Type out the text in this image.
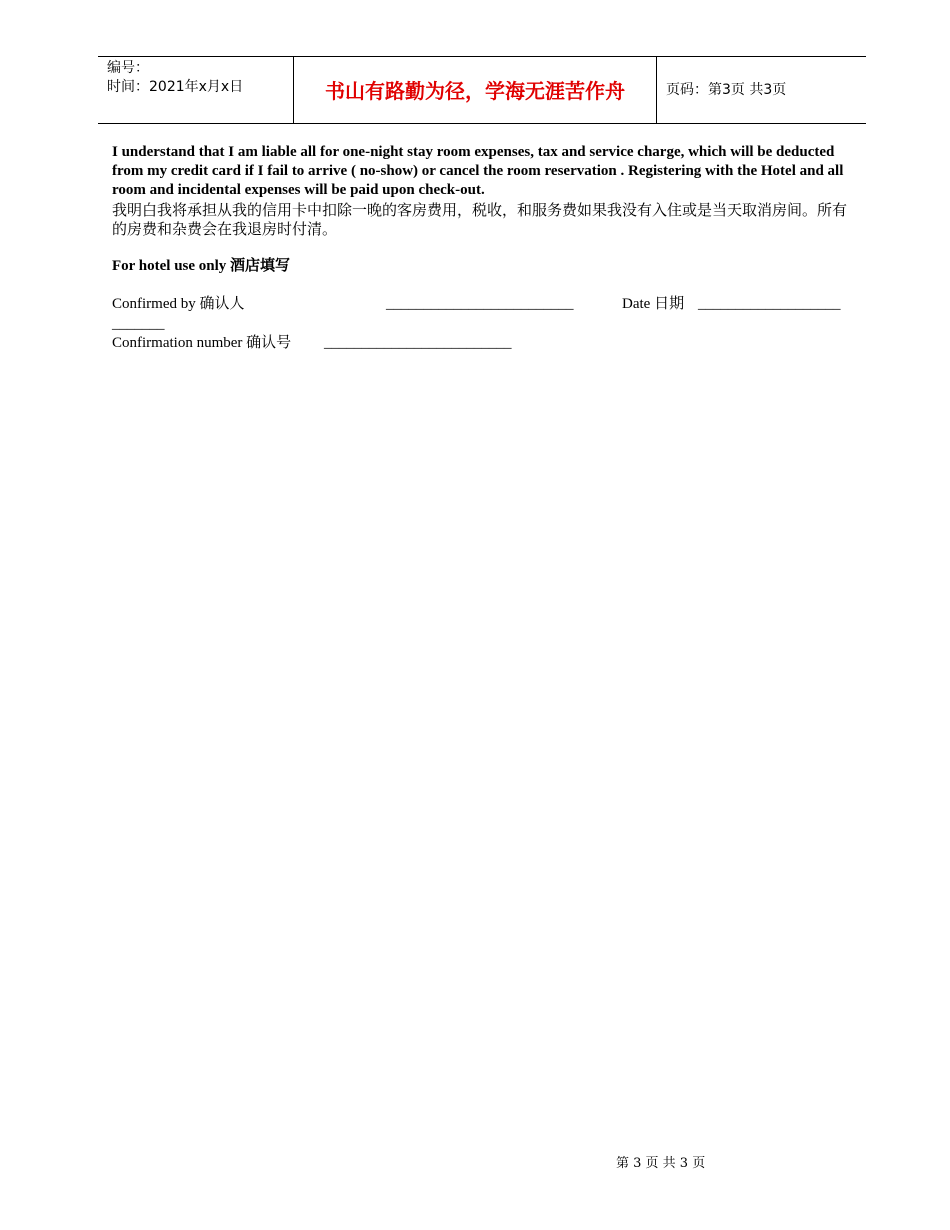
编号：
时间：2021年x月x日	书山有路勤为径，学海无涯苦作舟	页码：第3页 共3页
I understand that I am liable all for one-night stay room expenses, tax and service charge, which will be deducted from my credit card if I fail to arrive ( no-show) or cancel the room reservation . Registering with the Hotel and all room and incidental expenses will be paid upon check-out.
我明白我将承担从我的信用卡中扣除一晚的客房费用，税收，和服务费如果我没有入住或是当天取消房间。所有的房费和杂费会在我退房时付清。
For hotel use only 酒店填写
Confirmed by 确认人	_________________________	Date 日期 ___________________
_______
Confirmation number 确认号 _________________________
第 3 页 共 3 页
